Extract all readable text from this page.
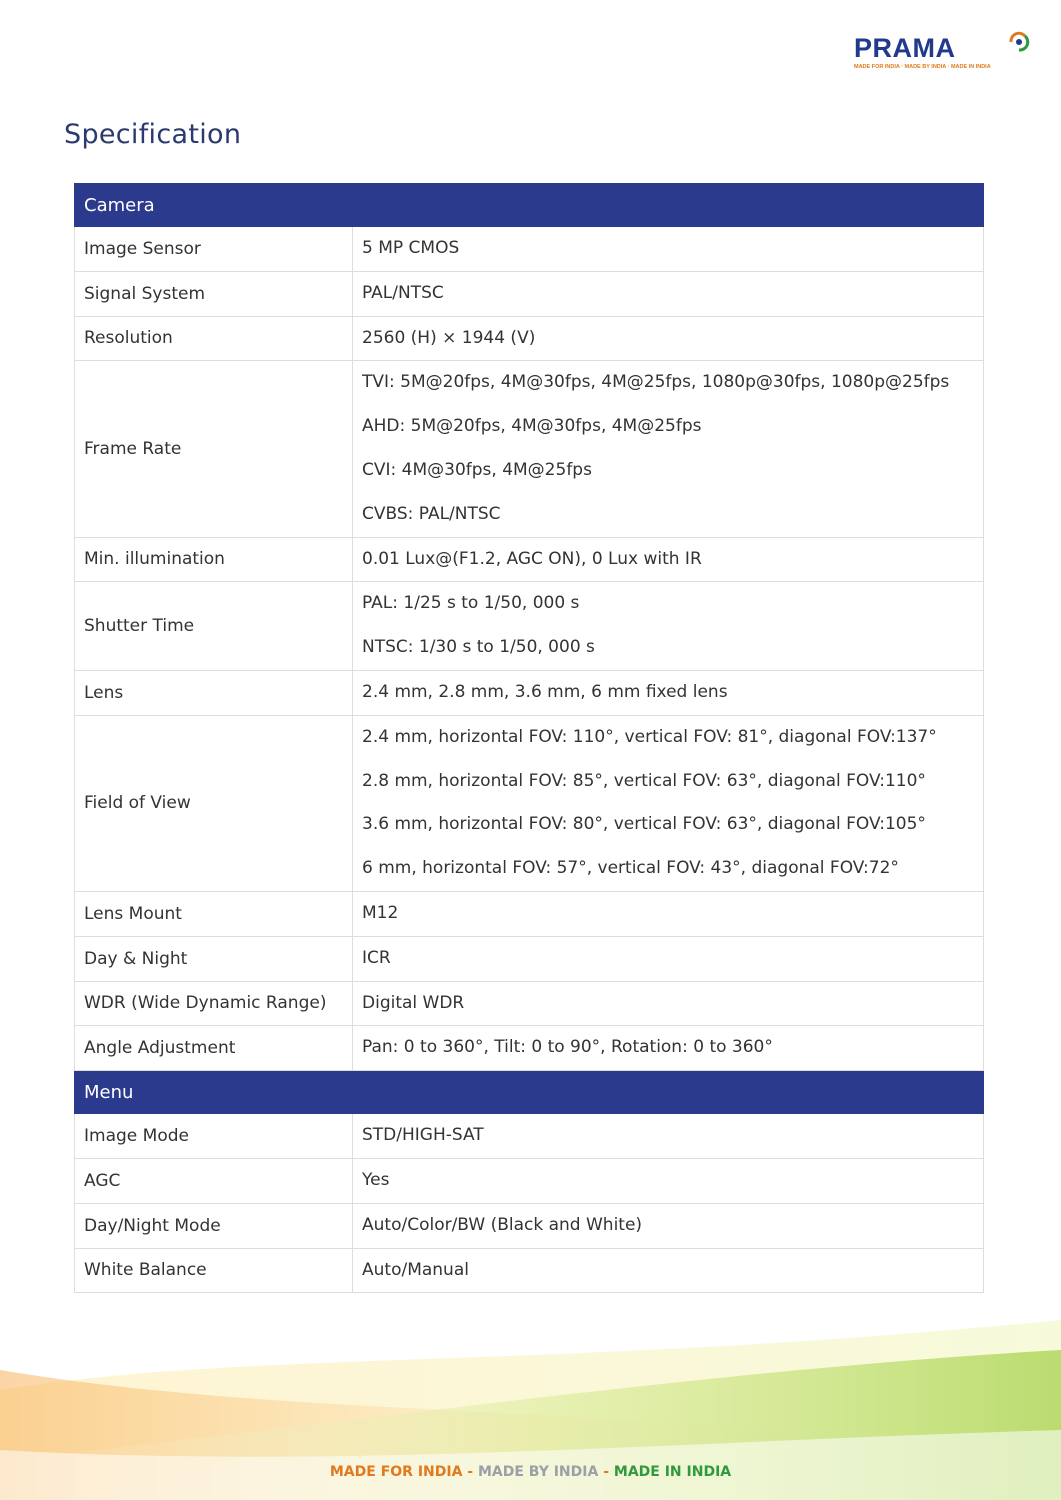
PRAMA
MADE FOR INDIA · MADE BY INDIA · MADE IN INDIA
Specification
Camera	
Image Sensor	5 MP CMOS

Signal System	PAL/NTSC

Resolution	2560 (H) × 1944 (V)

Frame Rate	TVI: 5M@20fps, 4M@30fps, 4M@25fps, 1080p@30fps, 1080p@25fps
AHD: 5M@20fps, 4M@30fps, 4M@25fps
CVI: 4M@30fps, 4M@25fps
CVBS: PAL/NTSC

Min. illumination	0.01 Lux@(F1.2, AGC ON), 0 Lux with IR

Shutter Time	PAL: 1/25 s to 1/50, 000 s
NTSC: 1/30 s to 1/50, 000 s

Lens	2.4 mm, 2.8 mm, 3.6 mm, 6 mm fixed lens

Field of View	2.4 mm, horizontal FOV: 110°, vertical FOV: 81°, diagonal FOV:137°
2.8 mm, horizontal FOV: 85°, vertical FOV: 63°, diagonal FOV:110°
3.6 mm, horizontal FOV: 80°, vertical FOV: 63°, diagonal FOV:105°
6 mm, horizontal FOV: 57°, vertical FOV: 43°, diagonal FOV:72°

Lens Mount	M12

Day & Night	ICR

WDR (Wide Dynamic Range)	Digital WDR

Angle Adjustment	Pan: 0 to 360°, Tilt: 0 to 90°, Rotation: 0 to 360°

Menu	
Image Mode	STD/HIGH-SAT

AGC	Yes

Day/Night Mode	Auto/Color/BW (Black and White)

White Balance	Auto/Manual
MADE FOR INDIA - MADE BY INDIA - MADE IN INDIA
